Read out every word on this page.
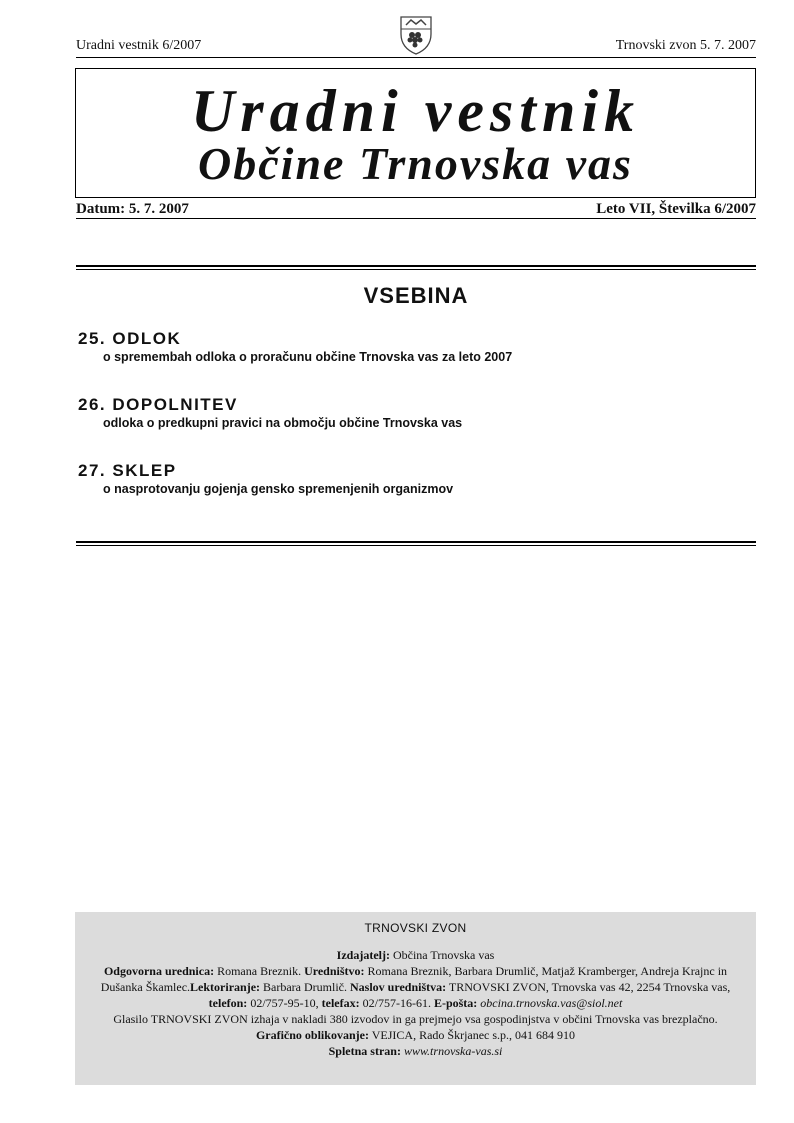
Uradni vestnik 6/2007	Trnovski zvon 5. 7. 2007
Uradni vestnik
Občine Trnovska vas
Datum: 5. 7. 2007	Leto VII, Številka 6/2007
VSEBINA
25. ODLOK
o spremembah odloka o proračunu občine Trnovska vas za leto 2007
26. DOPOLNITEV
odloka o predkupni pravici na območju občine Trnovska vas
27. SKLEP
o nasprotovanju gojenja gensko spremenjenih organizmov
TRNOVSKI ZVON

Izdajatelj: Občina Trnovska vas

Odgovorna urednica: Romana Breznik. Uredništvo: Romana Breznik, Barbara Drumlič, Matjaž Kramberger, Andreja Krajnc in Dušanka Škamlec.Lektoriranje: Barbara Drumlič. Naslov uredništva: TRNOVSKI ZVON, Trnovska vas 42, 2254 Trnovska vas, telefon: 02/757-95-10, telefax: 02/757-16-61. E-pošta: obcina.trnovska.vas@siol.net

Glasilo TRNOVSKI ZVON izhaja v nakladi 380 izvodov in ga prejmejo vsa gospodinjstva v občini Trnovska vas brezplačno.

Grafično oblikovanje: VEJICA, Rado Škrjanec s.p., 041 684 910

Spletna stran: www.trnovska-vas.si
